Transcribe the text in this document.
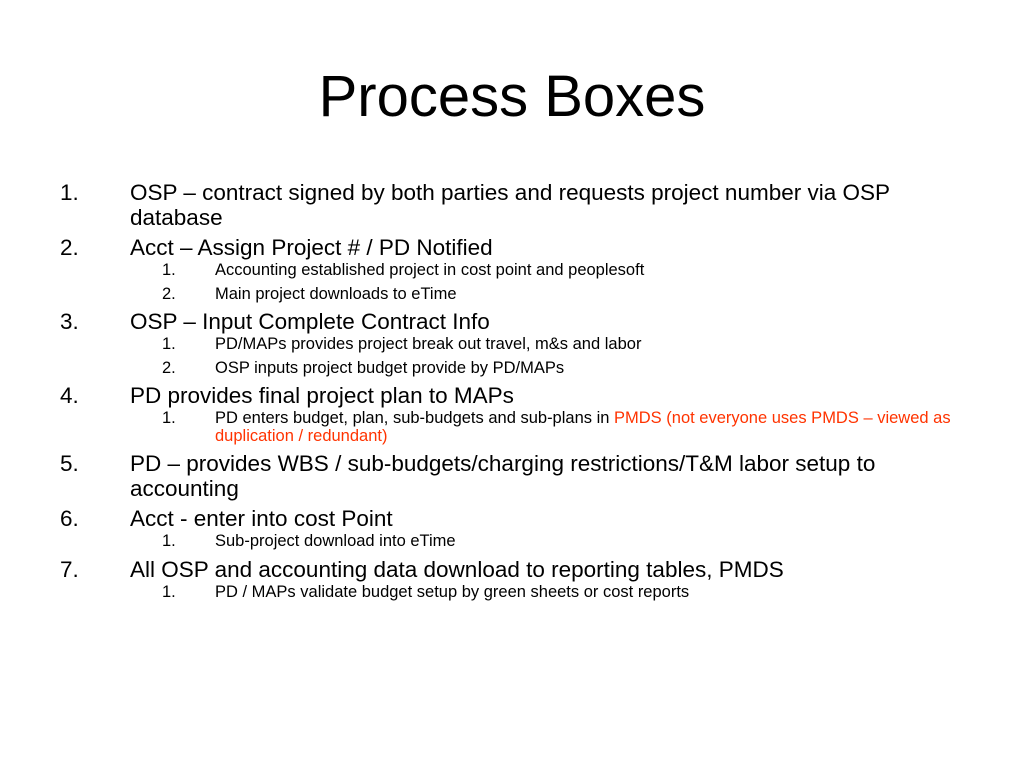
Process Boxes
1. OSP – contract signed by both parties and requests project number via OSP database
2. Acct – Assign Project # / PD Notified
1. Accounting established project in cost point and peoplesoft
2. Main project downloads to eTime
3. OSP – Input Complete Contract Info
1. PD/MAPs provides project break out travel, m&s and labor
2. OSP inputs project budget provide by PD/MAPs
4. PD provides final project plan to MAPs
1. PD enters budget, plan, sub-budgets and sub-plans in PMDS (not everyone uses PMDS – viewed as duplication / redundant)
5. PD – provides WBS / sub-budgets/charging restrictions/T&M labor setup to accounting
6. Acct - enter into cost Point
1. Sub-project download into eTime
7. All OSP and accounting data download to reporting tables, PMDS
1. PD / MAPs validate budget setup by green sheets or cost reports
